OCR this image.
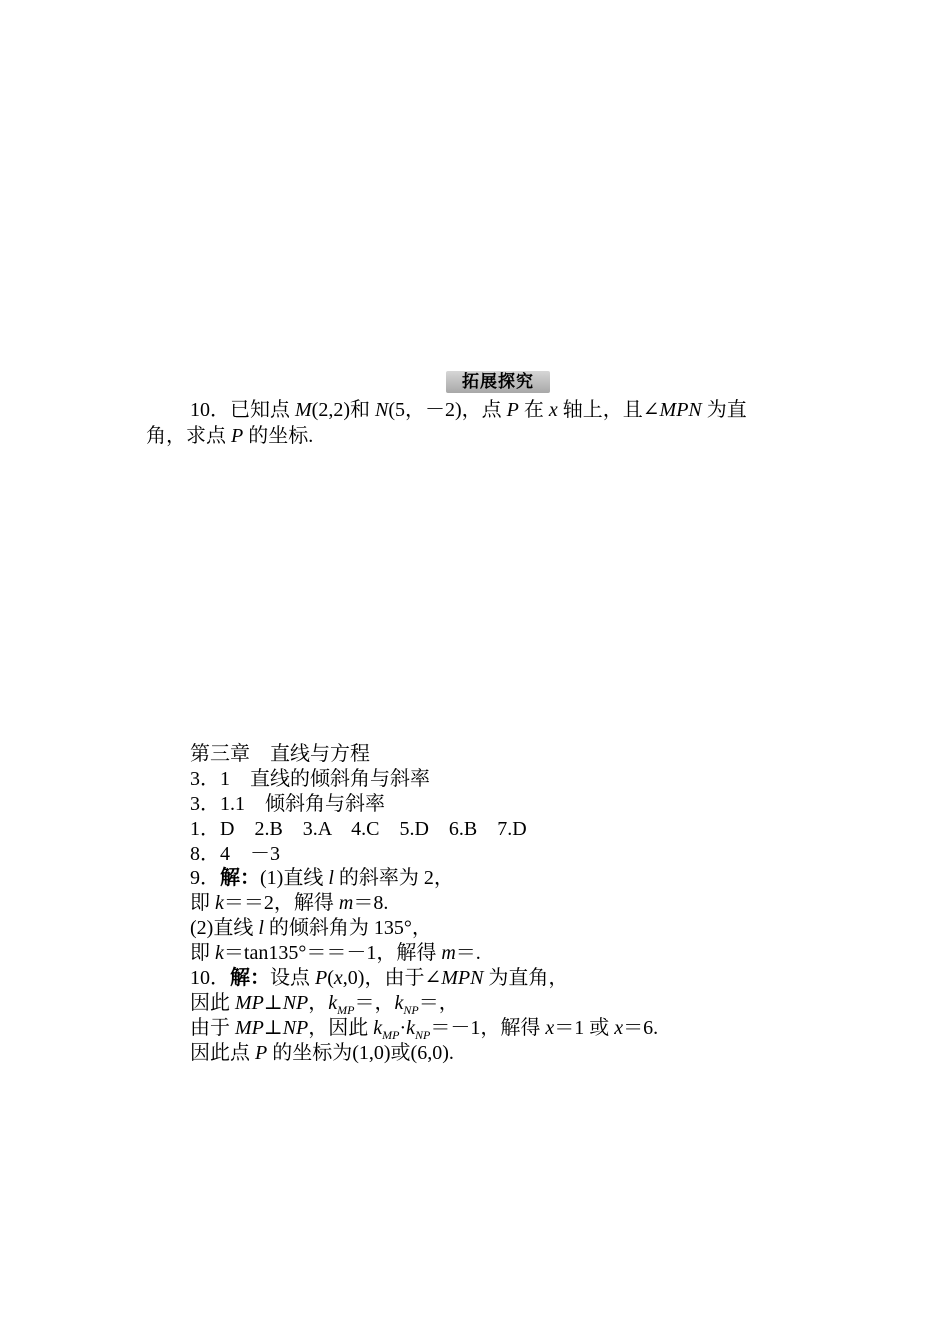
拓展探究
10．已知点 M(2,2)和 N(5，－2)，点 P 在 x 轴上，且∠MPN 为直
角，求点 P 的坐标.
第三章　直线与方程
3．1　直线的倾斜角与斜率
3．1.1　倾斜角与斜率
1．D　2.B　3.A　4.C　5.D　6.B　7.D
8．4　－3
9．解：(1)直线 l 的斜率为 2，
即 k＝＝2，解得 m＝8.
(2)直线 l 的倾斜角为 135°，
即 k＝tan135°＝＝－1，解得 m＝.
10．解：设点 P(x,0)，由于∠MPN 为直角，
因此 MP⊥NP，$k_{MP}=$，$k_{NP}=$，
由于 MP⊥NP，因此 $k_{MP}\cdot k_{NP}=-1$，解得 x＝1 或 x＝6.
因此点 P 的坐标为(1,0)或(6,0).
